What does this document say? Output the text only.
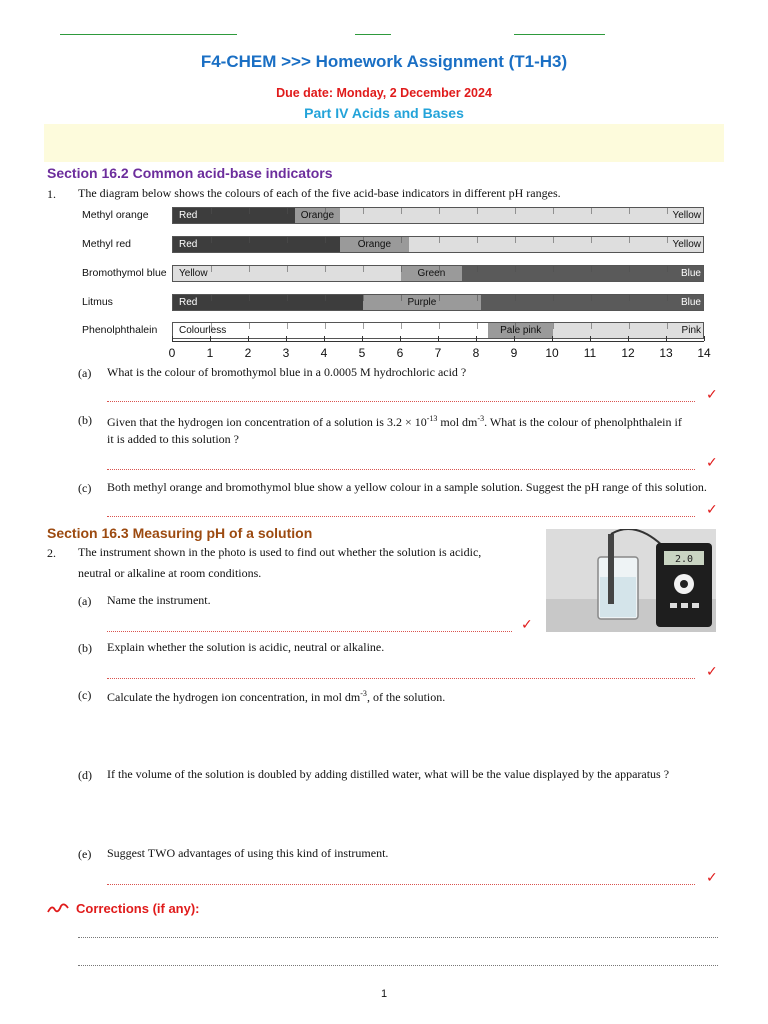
F4-CHEM >>> Homework Assignment (T1-H3)
Due date: Monday, 2 December 2024
Part IV Acids and Bases
Section 16.2 Common acid-base indicators
1. The diagram below shows the colours of each of the five acid-base indicators in different pH ranges.
Methyl orange	Red	Orange	Yellow
Methyl red	Red	Orange	Yellow
Bromothymol blue Yellow	Green	Blue
Litmus	Red	Purple	Blue
Phenolphthalein Colourless	Pale pink	Pink
0	1	2	3	4	5	6	7	8	9	10	11	12 13 14
(a) What is the colour of bromothymol blue in a 0.0005 M hydrochloric acid ?
✓
(b) Given that the hydrogen ion concentration of a solution is $3.2 \times 10^{-13}$ mol $dm^{-3}$. What is the colour of phenolphthalein if
it is added to this solution ?
✓
(c) Both methyl orange and bromothymol blue show a yellow colour in a sample solution. Suggest the pH range of this solution.
✓
Section 16.3 Measuring pH of a solution
2. The instrument shown in the photo is used to find out whether the solution is acidic,
neutral or alkaline at room conditions.
2.0
(a) Name the instrument.
✓
(b) Explain whether the solution is acidic, neutral or alkaline.
✓
(c) Calculate the hydrogen ion concentration, in mol $dm^{-3}$, of the solution.
(d) If the volume of the solution is doubled by adding distilled water, what will be the value displayed by the apparatus ?
(e) Suggest TWO advantages of using this kind of instrument.
✓
Corrections (if any):
1
